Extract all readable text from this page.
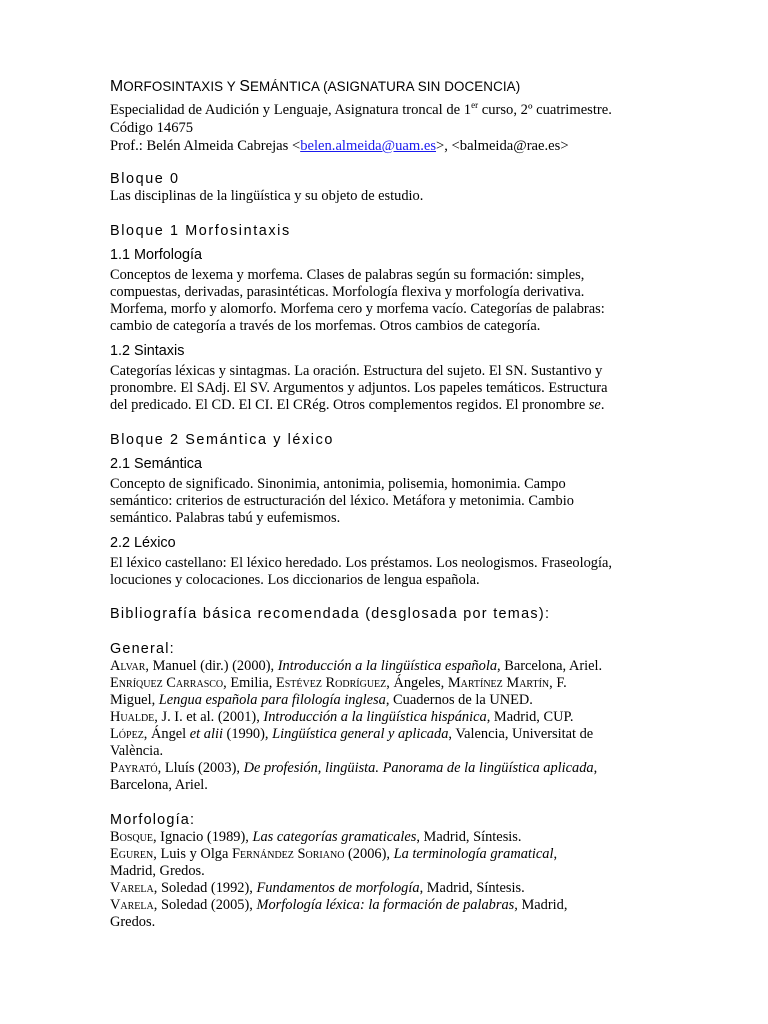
MORFOSINTAXIS Y SEMÁNTICA (ASIGNATURA SIN DOCENCIA)
Especialidad de Audición y Lenguaje, Asignatura troncal de 1er curso, 2º cuatrimestre.
Código 14675
Prof.: Belén Almeida Cabrejas <belen.almeida@uam.es>, <balmeida@rae.es>

Bloque 0

Las disciplinas de la lingüística y su objeto de estudio.

Bloque 1 Morfosintaxis

1.1 Morfología

Conceptos de lexema y morfema. Clases de palabras según su formación: simples,

compuestas, derivadas, parasintéticas. Morfología flexiva y morfología derivativa.

Morfema, morfo y alomorfo. Morfema cero y morfema vacío. Categorías de palabras:

cambio de categoría a través de los morfemas. Otros cambios de categoría.

1.2 Sintaxis

Categorías léxicas y sintagmas. La oración. Estructura del sujeto. El SN. Sustantivo y

pronombre. El SAdj. El SV. Argumentos y adjuntos. Los papeles temáticos. Estructura

del predicado. El CD. El CI. El CRég. Otros complementos regidos. El pronombre se.

Bloque 2 Semántica y léxico

2.1 Semántica

Concepto de significado. Sinonimia, antonimia, polisemia, homonimia. Campo

semántico: criterios de estructuración del léxico. Metáfora y metonimia. Cambio

semántico. Palabras tabú y eufemismos.

2.2 Léxico

El léxico castellano: El léxico heredado. Los préstamos. Los neologismos. Fraseología,

locuciones y colocaciones. Los diccionarios de lengua española.

Bibliografía básica recomendada (desglosada por temas):

General:

Alvar, Manuel (dir.) (2000), Introducción a la lingüística española, Barcelona, Ariel.

Enríquez Carrasco, Emilia, Estévez Rodríguez, Ángeles, Martínez Martín, F.
Miguel, Lengua española para filología inglesa, Cuadernos de la UNED.

Hualde, J. I. et al. (2001), Introducción a la lingüística hispánica, Madrid, CUP.

López, Ángel et alii (1990), Lingüística general y aplicada, Valencia, Universitat de
València.

Payrató, Lluís (2003), De profesión, lingüista. Panorama de la lingüística aplicada,
Barcelona, Ariel.

Morfología:

Bosque, Ignacio (1989), Las categorías gramaticales, Madrid, Síntesis.

Eguren, Luis y Olga Fernández Soriano (2006), La terminología gramatical,
Madrid, Gredos.

Varela, Soledad (1992), Fundamentos de morfología, Madrid, Síntesis.

Varela, Soledad (2005), Morfología léxica: la formación de palabras, Madrid,
Gredos.
